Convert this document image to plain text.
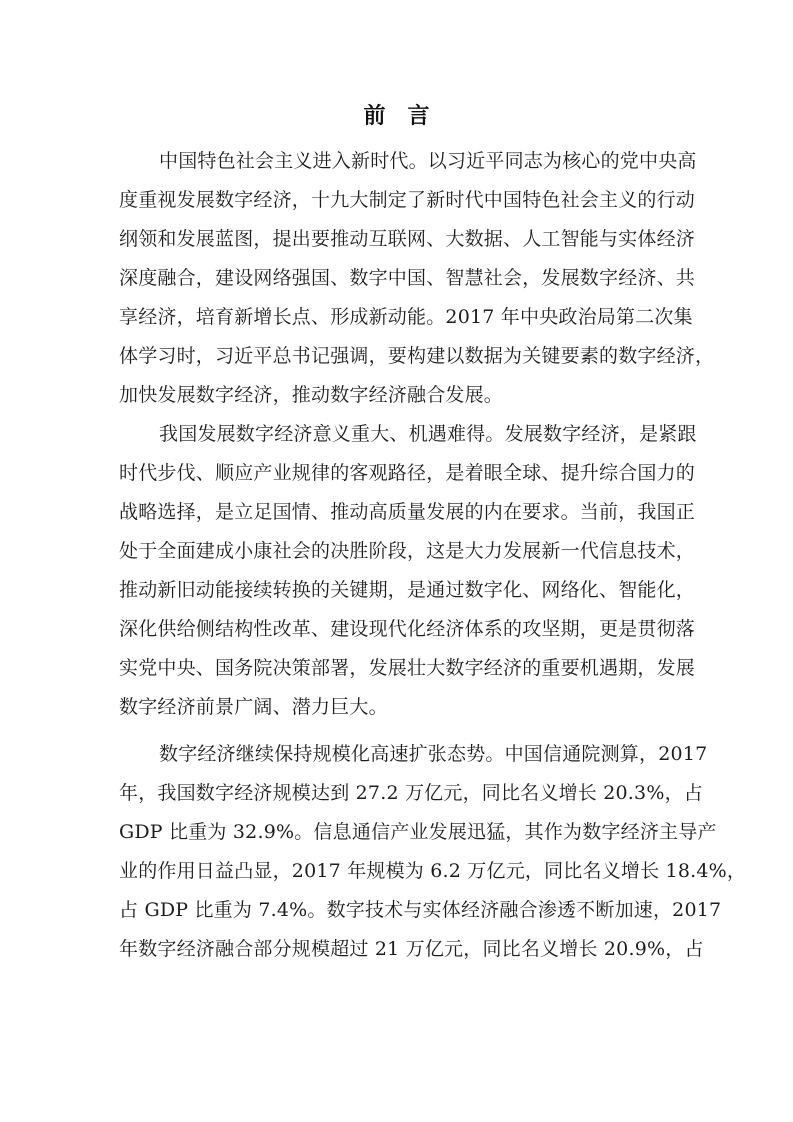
前　言
中国特色社会主义进入新时代。以习近平同志为核心的党中央高
度重视发展数字经济，十九大制定了新时代中国特色社会主义的行动
纲领和发展蓝图，提出要推动互联网、大数据、人工智能与实体经济
深度融合，建设网络强国、数字中国、智慧社会，发展数字经济、共
享经济，培育新增长点、形成新动能。2017 年中央政治局第二次集
体学习时，习近平总书记强调，要构建以数据为关键要素的数字经济，
加快发展数字经济，推动数字经济融合发展。
我国发展数字经济意义重大、机遇难得。发展数字经济，是紧跟
时代步伐、顺应产业规律的客观路径，是着眼全球、提升综合国力的
战略选择，是立足国情、推动高质量发展的内在要求。当前，我国正
处于全面建成小康社会的决胜阶段，这是大力发展新一代信息技术，
推动新旧动能接续转换的关键期，是通过数字化、网络化、智能化，
深化供给侧结构性改革、建设现代化经济体系的攻坚期，更是贯彻落
实党中央、国务院决策部署，发展壮大数字经济的重要机遇期，发展
数字经济前景广阔、潜力巨大。
数字经济继续保持规模化高速扩张态势。中国信通院测算，2017
年，我国数字经济规模达到 27.2 万亿元，同比名义增长 20.3%，占
GDP 比重为 32.9%。信息通信产业发展迅猛，其作为数字经济主导产
业的作用日益凸显，2017 年规模为 6.2 万亿元，同比名义增长 18.4%，
占 GDP 比重为 7.4%。数字技术与实体经济融合渗透不断加速，2017
年数字经济融合部分规模超过 21 万亿元，同比名义增长 20.9%，占
